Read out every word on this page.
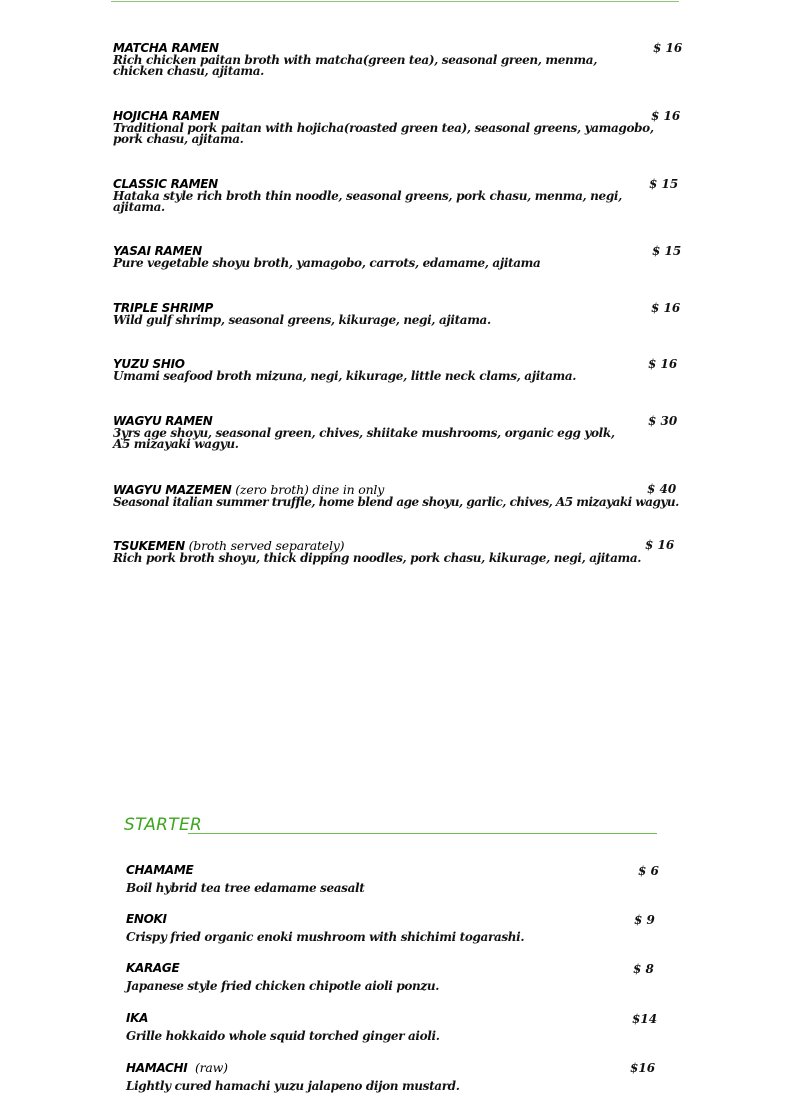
MATCHA RAMEN
Rich chicken paitan broth with matcha(green tea), seasonal green, menma,
chicken chasu, ajitama.
$ 16
HOJICHA RAMEN
Traditional pork paitan with hojicha(roasted green tea), seasonal greens, yamagobo,
pork chasu, ajitama.
$ 16
CLASSIC RAMEN
Hataka style rich broth thin noodle, seasonal greens, pork chasu, menma, negi,
ajitama.
$ 15
YASAI RAMEN
Pure vegetable shoyu broth, yamagobo, carrots, edamame, ajitama
$ 15
TRIPLE SHRIMP
Wild gulf shrimp, seasonal greens, kikurage, negi, ajitama.
$ 16
YUZU SHIO
Umami seafood broth mizuna, negi, kikurage, little neck clams, ajitama.
$ 16
WAGYU RAMEN
3yrs age shoyu, seasonal green, chives, shiitake mushrooms, organic egg yolk,
A5 mizayaki wagyu.
$ 30
WAGYU MAZEMEN (zero broth) dine in only
Seasonal italian summer truffle, home blend age shoyu, garlic, chives, A5 mizayaki wagyu.
$ 40
TSUKEMEN (broth served separately)
Rich pork broth shoyu, thick dipping noodles, pork chasu, kikurage, negi, ajitama.
$ 16
STARTER
CHAMAME
Boil hybrid tea tree edamame seasalt
$ 6
ENOKI
Crispy fried organic enoki mushroom with shichimi togarashi.
$ 9
KARAGE
Japanese style fried chicken chipotle aioli ponzu.
$ 8
IKA
Grille hokkaido whole squid torched ginger aioli.
$14
HAMACHI  (raw)
Lightly cured hamachi yuzu jalapeno dijon mustard.
$16
